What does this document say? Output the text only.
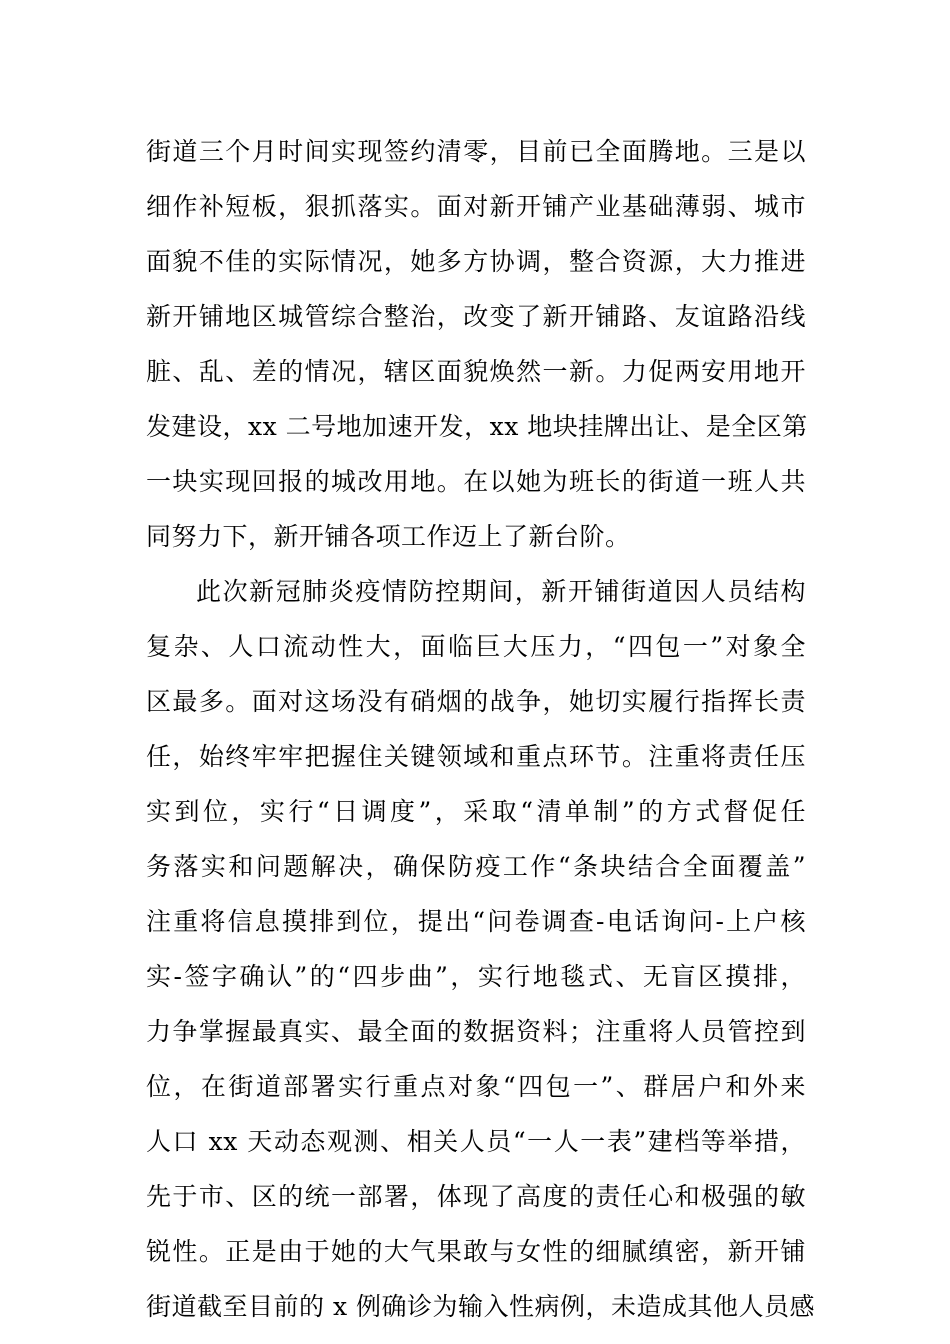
街道三个月时间实现签约清零，目前已全面腾地。三是以
细作补短板，狠抓落实。面对新开铺产业基础薄弱、城市
面貌不佳的实际情况，她多方协调，整合资源，大力推进
新开铺地区城管综合整治，改变了新开铺路、友谊路沿线
脏、乱、差的情况，辖区面貌焕然一新。力促两安用地开
发建设，xx 二号地加速开发，xx 地块挂牌出让、是全区第
一块实现回报的城改用地。在以她为班长的街道一班人共
同努力下，新开铺各项工作迈上了新台阶。
此次新冠肺炎疫情防控期间，新开铺街道因人员结构
复杂、人口流动性大，面临巨大压力，“四包一”对象全
区最多。面对这场没有硝烟的战争，她切实履行指挥长责
任，始终牢牢把握住关键领域和重点环节。注重将责任压
实到位，实行“日调度”，采取“清单制”的方式督促任
务落实和问题解决，确保防疫工作“条块结合全面覆盖”
注重将信息摸排到位，提出“问卷调查-电话询问-上户核
实-签字确认”的“四步曲”，实行地毯式、无盲区摸排，
力争掌握最真实、最全面的数据资料；注重将人员管控到
位，在街道部署实行重点对象“四包一”、群居户和外来
人口 xx 天动态观测、相关人员“一人一表”建档等举措，
先于市、区的统一部署，体现了高度的责任心和极强的敏
锐性。正是由于她的大气果敢与女性的细腻缜密，新开铺
街道截至目前的 x 例确诊为输入性病例，未造成其他人员感
